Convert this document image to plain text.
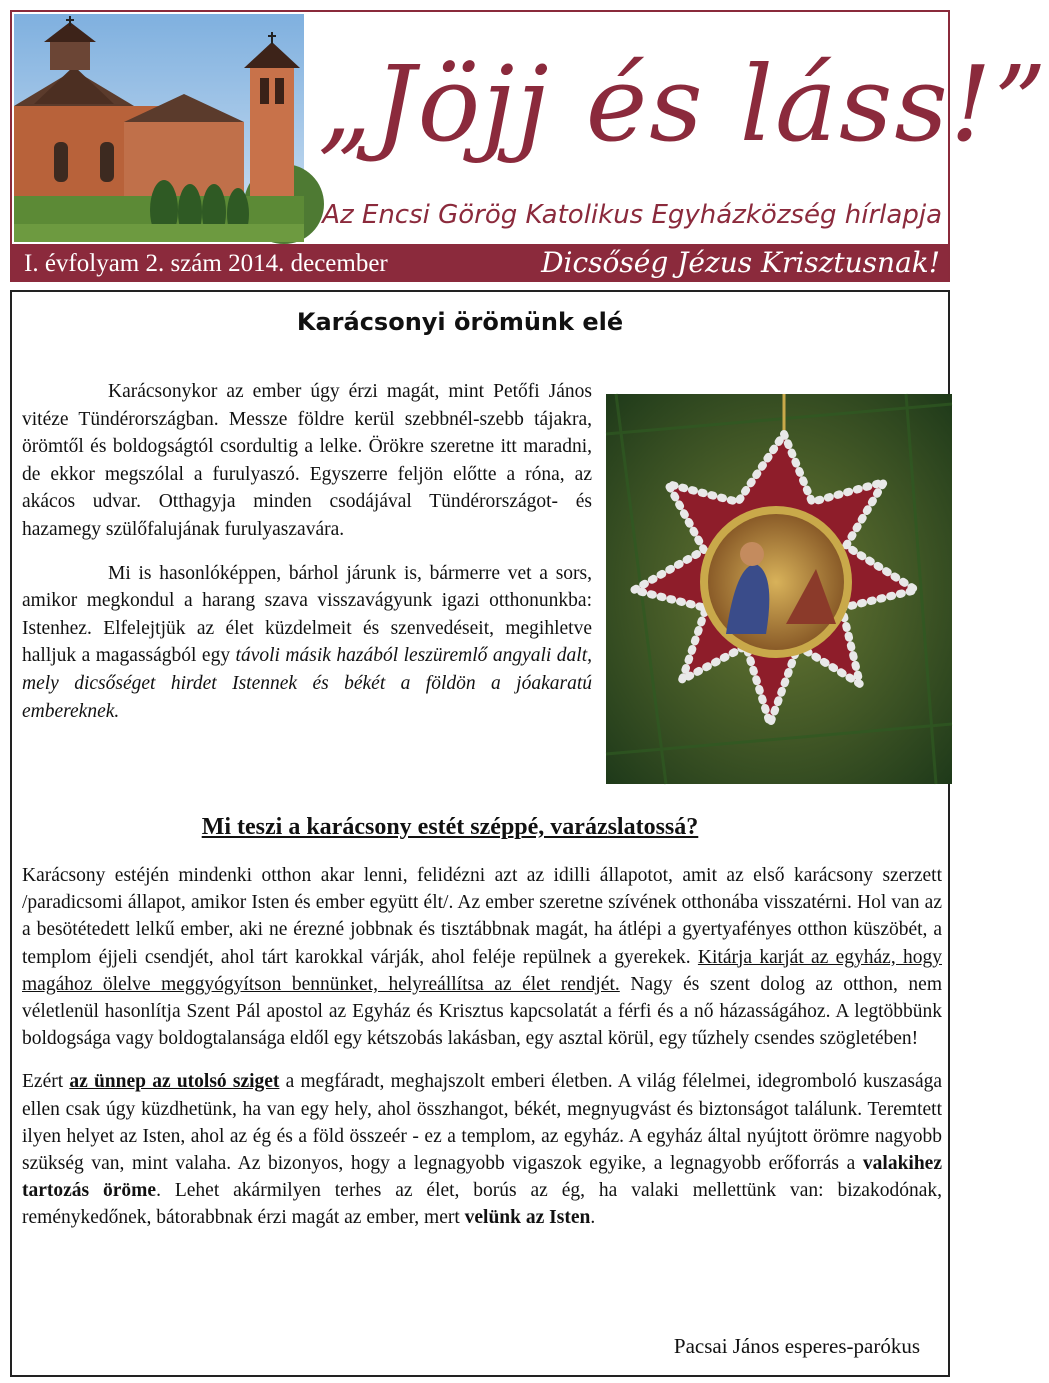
„Jöjj és láss!”
Az Encsi Görög Katolikus Egyházközség hírlapja
I. évfolyam 2. szám 2014. december	Dicsőség Jézus Krisztusnak!
Karácsonyi örömünk elé

Karácsonykor az ember úgy érzi magát, mint Petőfi János vitéze Tündérországban. Messze földre kerül szebbnél-szebb tájakra, örömtől és boldogságtól csordultig a lelke. Örökre szeretne itt maradni, de ekkor megszólal a furulyaszó. Egyszerre feljön előtte a róna, az akácos udvar. Otthagyja minden csodájával Tündérországot- és hazamegy szülőfalujának furulyaszavára.

Mi is hasonlóképpen, bárhol járunk is, bármerre vet a sors, amikor megkondul a harang szava visszavágyunk igazi otthonunkba: Istenhez. Elfelejtjük az élet küzdelmeit és szenvedéseit, megihletve halljuk a magasságból egy távoli másik hazából leszüremlő angyali dalt, mely dicsőséget hirdet Istennek és békét a földön a jóakaratú embereknek.

Mi teszi a karácsony estét széppé, varázslatossá?

Karácsony estéjén mindenki otthon akar lenni, felidézni azt az idilli állapotot, amit az első karácsony szerzett /paradicsomi állapot, amikor Isten és ember együtt élt/. Az ember szeretne szívének otthonába visszatérni. Hol van az a besötétedett lelkű ember, aki ne érezné jobbnak és tisztábbnak magát, ha átlépi a gyertyafényes otthon küszöbét, a templom éjjeli csendjét, ahol tárt karokkal várják, ahol feléje repülnek a gyerekek. Kitárja karját az egyház, hogy magához ölelve meggyógyítson bennünket, helyreállítsa az élet rendjét. Nagy és szent dolog az otthon, nem véletlenül hasonlítja Szent Pál apostol az Egyház és Krisztus kapcsolatát a férfi és a nő házasságához. A legtöbbünk boldogsága vagy boldogtalansága eldől egy kétszobás lakásban, egy asztal körül, egy tűzhely csendes szögletében!

Ezért az ünnep az utolsó sziget a megfáradt, meghajszolt emberi életben. A világ félelmei, idegromboló kuszasága ellen csak úgy küzdhetünk, ha van egy hely, ahol összhangot, békét, megnyugvást és biztonságot találunk. Teremtett ilyen helyet az Isten, ahol az ég és a föld összeér - ez a templom, az egyház. A egyház által nyújtott örömre nagyobb szükség van, mint valaha. Az bizonyos, hogy a legnagyobb vigaszok egyike, a legnagyobb erőforrás a valakihez tartozás öröme. Lehet akármilyen terhes az élet, borús az ég, ha valaki mellettünk van: bizakodónak, reménykedőnek, bátorabbnak érzi magát az ember, mert velünk az Isten.

Pacsai János esperes-parókus
